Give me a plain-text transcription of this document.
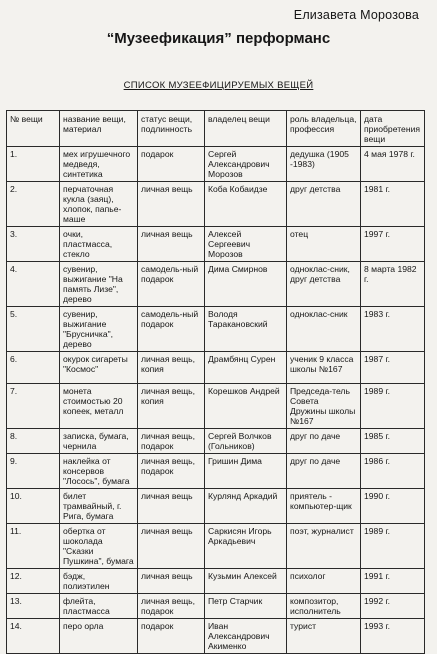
Елизавета Морозова
“Музеефикация” перформанс
СПИСОК МУЗЕЕФИЦИРУЕМЫХ ВЕЩЕЙ
№ вещи	название вещи, материал	статус вещи, подлинность	владелец вещи	роль владельца, профессия	дата приобретения вещи
1.	мех игрушечного медведя, синтетика	подарок	Сергей Александрович Морозов	дедушка (1905 -1983)	4 мая 1978 г.
2.	перчаточная кукла (заяц), хлопок, папье-маше	личная вещь	Коба Кобаидзе	друг детства	1981 г.
3.	очки, пластмасса, стекло	личная вещь	Алексей Сергеевич Морозов	отец	1997 г.
4.	сувенир, выжигание "На память Лизе", дерево	самодель-ный подарок	Дима Смирнов	одноклас-сник, друг детства	8 марта 1982 г.
5.	сувенир, выжигание "Брусничка", дерево	самодель-ный подарок	Володя Таракановский	одноклас-сник	1983 г.
6.	окурок сигареты "Космос"	личная вещь, копия	Драмбянц Сурен	ученик 9 класса школы №167	1987 г.
7.	монета стоимостью 20 копеек, металл	личная вещь, копия	Корешков Андрей	Председа-тель Совета Дружины школы №167	1989 г.
8.	записка, бумага, чернила	личная вещь, подарок	Сергей Волчков (Гольников)	друг по даче	1985 г.
9.	наклейка от консервов "Лосось", бумага	личная вещь, подарок	Гришин Дима	друг по даче	1986 г.
10.	билет трамвайный, г. Рига, бумага	личная вещь	Курлянд Аркадий	приятель - компьютер-щик	1990 г.
11.	обертка от шоколада "Сказки Пушкина", бумага	личная вещь	Саркисян Игорь Аркадьевич	поэт, журналист	1989 г.
12.	бэдж, полиэтилен	личная вещь	Кузьмин Алексей	психолог	1991 г.
13.	флейта, пластмасса	личная вещь, подарок	Петр Старчик	композитор, исполнитель	1992 г.
14.	перо орла	подарок	Иван Александрович Акименко	турист	1993 г.
